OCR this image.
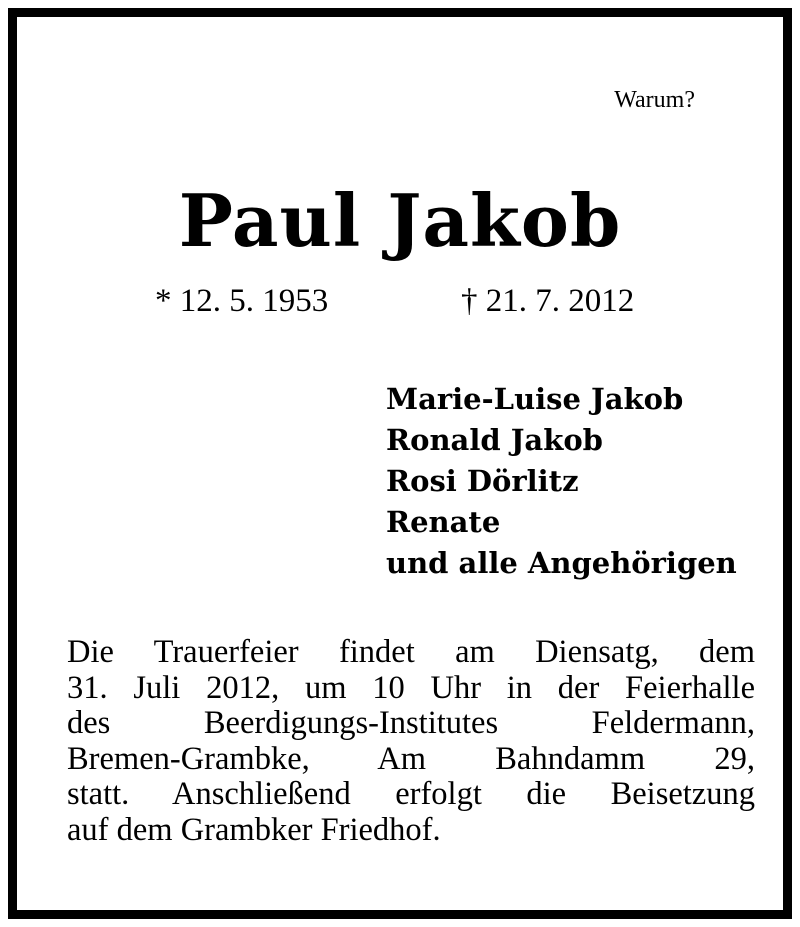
Warum?
Paul Jakob
* 12. 5. 1953	† 21. 7. 2012
Marie-Luise Jakob
Ronald Jakob
Rosi Dörlitz
Renate
und alle Angehörigen
Die Trauerfeier findet am Diensatg, dem
31. Juli 2012, um 10 Uhr in der Feierhalle
des Beerdigungs-Institutes Feldermann,
Bremen-Grambke, Am Bahndamm 29,
statt. Anschließend erfolgt die Beisetzung
auf dem Grambker Friedhof.
